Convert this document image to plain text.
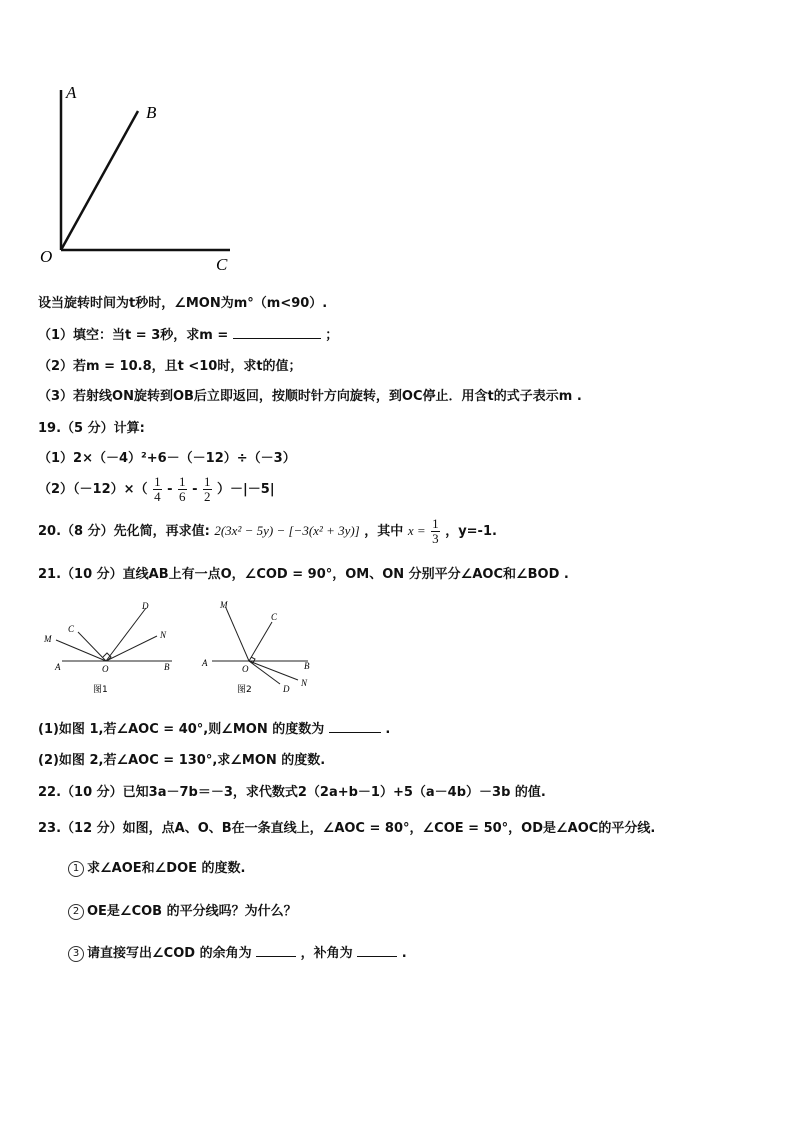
A
B
O	C
设当旋转时间为t秒时，∠MON为m°（m<90）.
（1）填空：当t = 3秒，求m =	；
（2）若m = 10.8，且t <10时，求t的值；
（3）若射线ON旋转到OB后立即返回，按顺时针方向旋转，到OC停止．用含t的式子表示m .
19.（5 分）计算:
（1）2×（－4）²+6－（－12）÷（－3）
$(2)(-12)\times( \frac{1}{4} - \frac{1}{6} - \frac{1}{2} )-|-5|$
20.（8 分）先化简，再求值: 2(3x² − 5y) − [−3(x² + 3y)] ，其中 $x = \frac{1}{3}$ ，y=-1.
21.（10 分）直线AB上有一点O，∠COD = 90°，OM、ON 分别平分∠AOC和∠BOD .
D
C
M	N
A	O	B
图1
M
C
A
O	B
D
N
图2
(1)如图 1,若∠AOC = 40°,则∠MON 的度数为	.
(2)如图 2,若∠AOC = 130°,求∠MON 的度数.
22.（10 分）已知3a－7b＝－3，求代数式2（2a+b－1）+5（a－4b）－3b 的值.
23.（12 分）如图，点A、O、B在一条直线上，∠AOC = 80°，∠COE = 50°，OD是∠AOC的平分线.
1 求∠AOE和∠DOE 的度数.
2 OE是∠COB 的平分线吗？为什么？
3 请直接写出∠COD 的余角为	，补角为	.
